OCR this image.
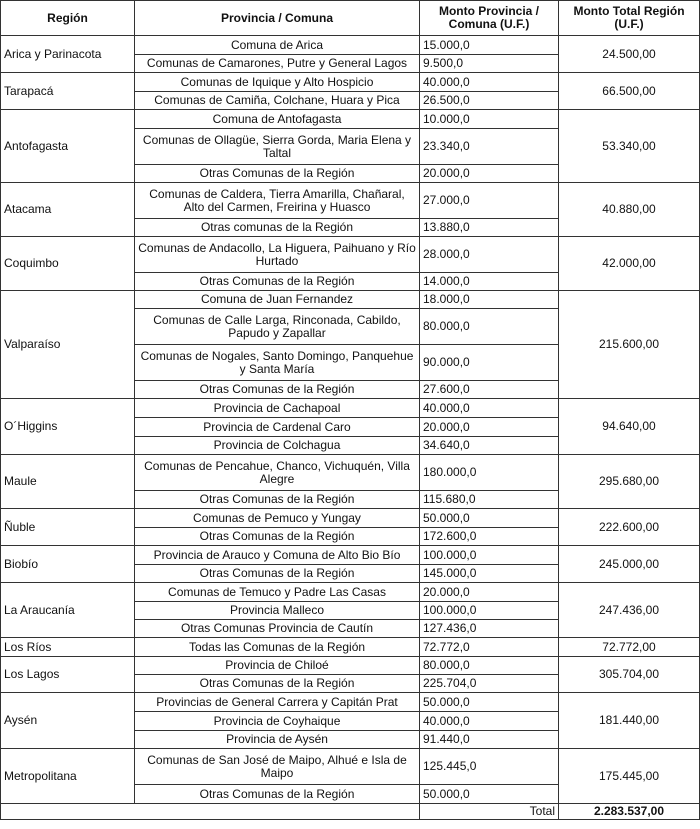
Región	Provincia / Comuna	Monto Provincia / Comuna (U.F.)	Monto Total Región (U.F.)
Arica y Parinacota	Comuna de Arica	15.000,0	24.500,00
	Comunas de Camarones, Putre y General Lagos	9.500,0	
Tarapacá	Comunas de Iquique y Alto Hospicio	40.000,0	66.500,00
	Comunas de Camiña, Colchane, Huara y Pica	26.500,0	
Antofagasta	Comuna de Antofagasta	10.000,0	53.340,00
	Comunas de Ollagüe, Sierra Gorda, Maria Elena y Taltal	23.340,0	
	Otras Comunas de la Región	20.000,0	
Atacama	Comunas de Caldera, Tierra Amarilla, Chañaral, Alto del Carmen, Freirina y Huasco	27.000,0	40.880,00
	Otras comunas de la Región	13.880,0	
Coquimbo	Comunas de Andacollo, La Higuera, Paihuano y Río Hurtado	28.000,0	42.000,00
	Otras Comunas de la Región	14.000,0	
Valparaíso	Comuna de Juan Fernandez	18.000,0	215.600,00
	Comunas de Calle Larga, Rinconada, Cabildo, Papudo y Zapallar	80.000,0	
	Comunas de Nogales, Santo Domingo, Panquehue y Santa María	90.000,0	
	Otras Comunas de la Región	27.600,0	
O´Higgins	Provincia de Cachapoal	40.000,0	94.640,00
	Provincia de Cardenal Caro	20.000,0	
	Provincia de Colchagua	34.640,0	
Maule	Comunas de Pencahue, Chanco, Vichuquén, Villa Alegre	180.000,0	295.680,00
	Otras Comunas de la Región	115.680,0	
Ñuble	Comunas de Pemuco y Yungay	50.000,0	222.600,00
	Otras Comunas de la Región	172.600,0	
Biobío	Provincia de Arauco y Comuna de Alto Bio Bío	100.000,0	245.000,00
	Otras Comunas de la Región	145.000,0	
La Araucanía	Comunas de Temuco y Padre Las Casas	20.000,0	247.436,00
	Provincia Malleco	100.000,0	
	Otras Comunas Provincia de Cautín	127.436,0	
Los Ríos	Todas las Comunas de la Región	72.772,0	72.772,00
Los Lagos	Provincia de Chiloé	80.000,0	305.704,00
	Otras Comunas de la Región	225.704,0	
Aysén	Provincias de General Carrera y Capitán Prat	50.000,0	181.440,00
	Provincia de Coyhaique	40.000,0	
	Provincia de Aysén	91.440,0	
Metropolitana	Comunas de San José de Maipo, Alhué e Isla de Maipo	125.445,0	175.445,00
	Otras Comunas de la Región	50.000,0	
		Total	2.283.537,00
